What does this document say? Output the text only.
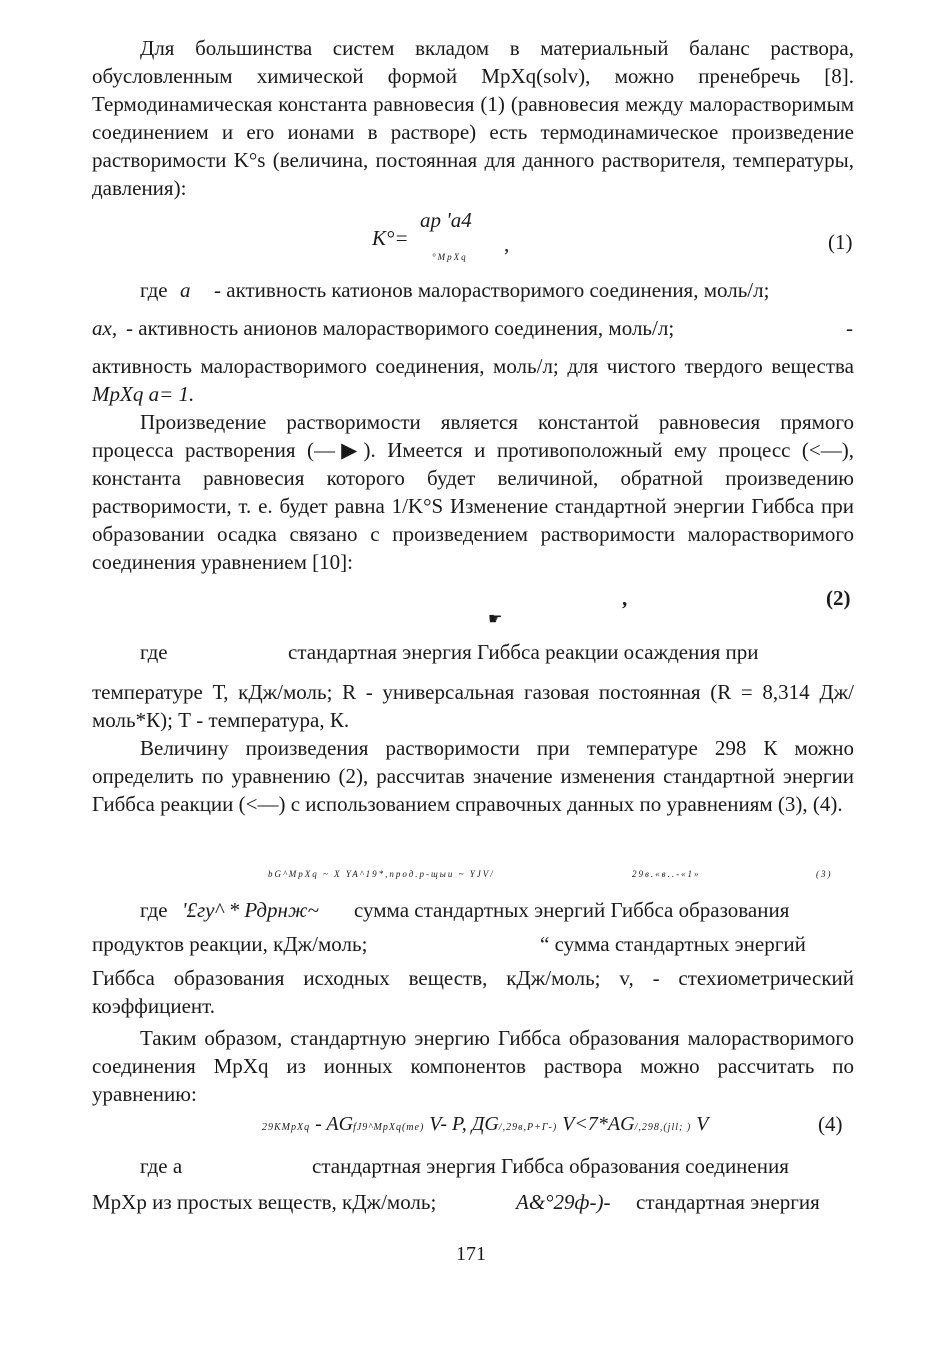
Для большинства систем вкладом в материальный баланс раствора, обусловленным химической формой MpXq(solv), можно пренебречь [8]. Термодинамическая константа равновесия (1) (равновесия между малорастворимым соединением и его ионами в растворе) есть термодинамическое произведение растворимости K°s (величина, постоянная для данного растворителя, температуры, давления):
К°=
ap 'a4
°MpXq
,	(1)
где а - активность катионов малорастворимого соединения, моль/л;
ах, - активность анионов малорастворимого соединения, моль/л;	-
активность малорастворимого соединения, моль/л; для чистого твердого вещества MpXq a= 1.
Произведение растворимости является константой равновесия прямого процесса растворения (—▶). Имеется и противоположный ему процесс (<—), константа равновесия которого будет величиной, обратной произведению растворимости, т. е. будет равна 1/K°S Изменение стандартной энергии Гиббса при образовании осадка связано с произведением растворимости малорастворимого соединения уравнением [10]:
,	(2)
☛
где	стандартная энергия Гиббса реакции осаждения при
температуре Т, кДж/моль; R - универсальная газовая постоянная (R = 8,314 Дж/моль*К); Т - температура, К.
Величину произведения растворимости при температуре 298 К можно определить по уравнению (2), рассчитав значение изменения стандартной энергии Гиббса реакции (<—) с использованием справочных данных по уравнениям (3), (4).
bG^MpXq ~ X YA^19*,прод.р-щыи ~ YJV/	29в.«в..-«1»	(3)
где '£гу^ * Рдрнж~ сумма стандартных энергий Гиббса образования
продуктов реакции, кДж/моль;	“ сумма стандартных энергий
Гиббса образования исходных веществ, кДж/моль; v, - стехиометрический коэффициент.
Таким образом, стандартную энергию Гиббса образования малорастворимого соединения MpXq из ионных компонентов раствора можно рассчитать по уравнению:
29KMpXq - AGfJ9^MpXq(me) V- P, ДG/,29в,Р+Г-) V<7*AG/,298,(jll; ) V	(4)
где а	стандартная энергия Гиббса образования соединения
МрХр из простых веществ, кДж/моль;	A&°29ф-)- стандартная энергия
171
